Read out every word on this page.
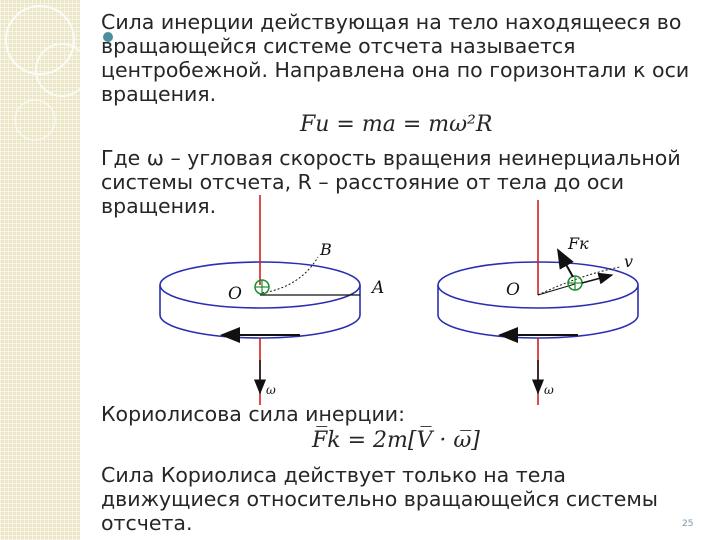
Сила инерции действующая на тело находящееся во вращающейся системе отсчета называется центробежной. Направлена она по горизонтали к оси вращения.

Fи = ma = mω²R

Где ω – угловая скорость вращения неинерциальной системы отсчета, R – расстояние от тела до оси вращения.

O
B
A
ω
O
Fк
v
ω

Кориолисова сила инерции:

F̅k = 2m[V̅ · ω̅]

Сила Кориолиса действует только на тела движущиеся относительно вращающейся системы отсчета.	25
